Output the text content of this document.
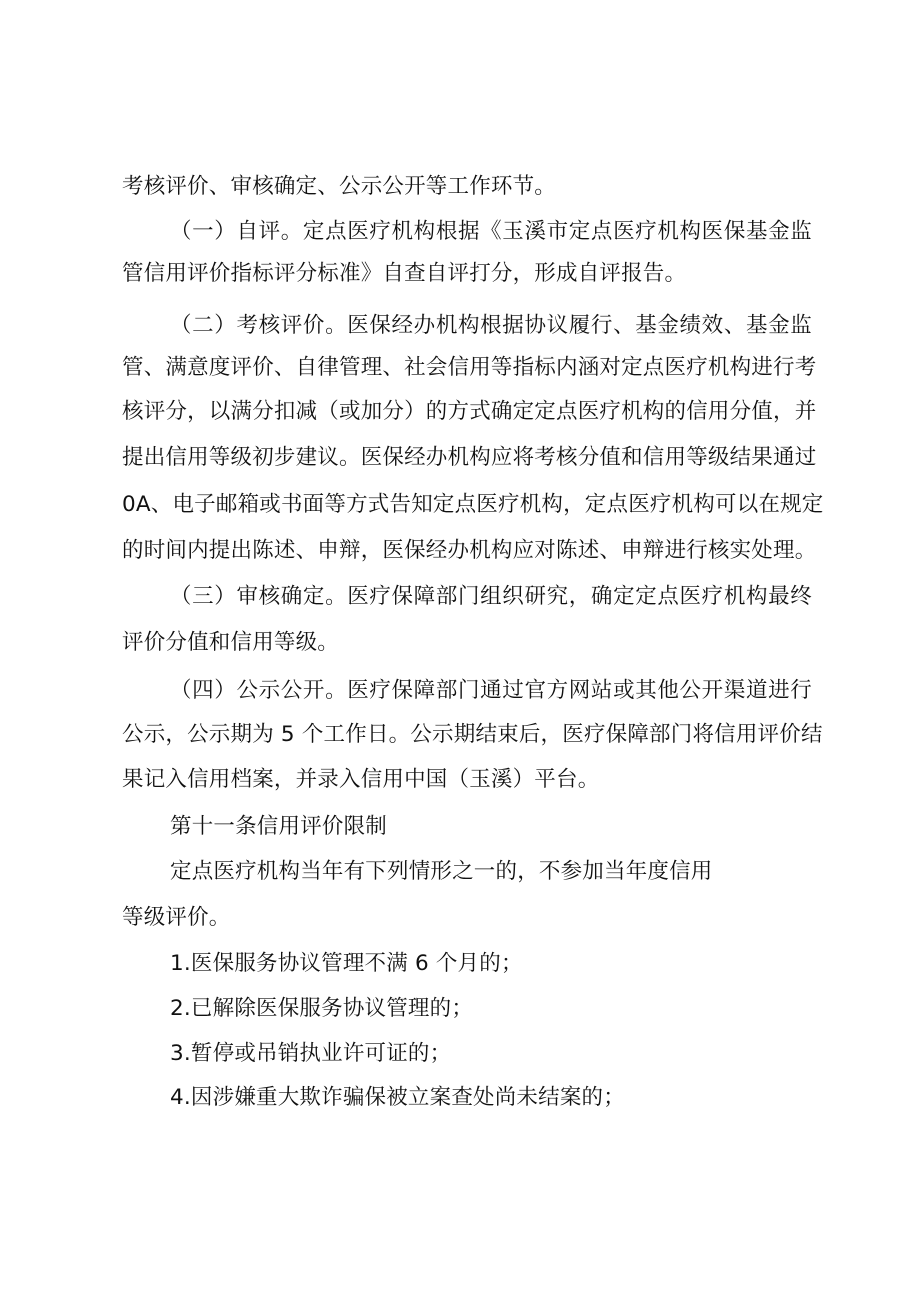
考核评价、审核确定、公示公开等工作环节。

（一）自评。定点医疗机构根据《玉溪市定点医疗机构医保基金监

管信用评价指标评分标准》自查自评打分，形成自评报告。

（二）考核评价。医保经办机构根据协议履行、基金绩效、基金监

管、满意度评价、自律管理、社会信用等指标内涵对定点医疗机构进行考

核评分，以满分扣减（或加分）的方式确定定点医疗机构的信用分值，并

提出信用等级初步建议。医保经办机构应将考核分值和信用等级结果通过

0A、电子邮箱或书面等方式告知定点医疗机构，定点医疗机构可以在规定

的时间内提出陈述、申辩，医保经办机构应对陈述、申辩进行核实处理。

（三）审核确定。医疗保障部门组织研究，确定定点医疗机构最终

评价分值和信用等级。

（四）公示公开。医疗保障部门通过官方网站或其他公开渠道进行

公示，公示期为 5 个工作日。公示期结束后，医疗保障部门将信用评价结

果记入信用档案，并录入信用中国（玉溪）平台。

第十一条信用评价限制

定点医疗机构当年有下列情形之一的，不参加当年度信用

等级评价。

1.医保服务协议管理不满 6 个月的；

2.已解除医保服务协议管理的；

3.暂停或吊销执业许可证的；

4.因涉嫌重大欺诈骗保被立案查处尚未结案的；
